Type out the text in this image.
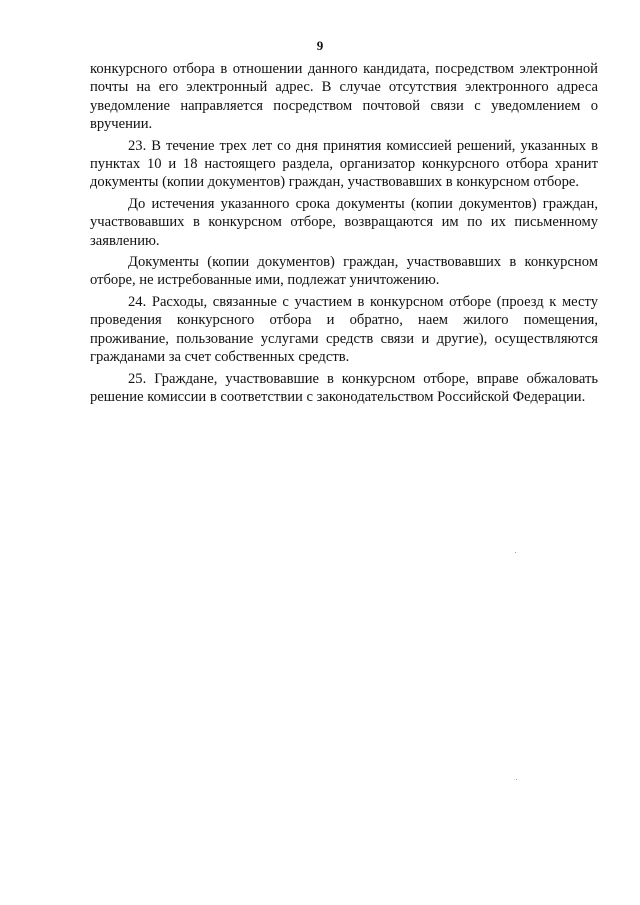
9

конкурсного отбора в отношении данного кандидата, посредством электронной почты на его электронный адрес. В случае отсутствия электронного адреса уведомление направляется посредством почтовой связи с уведомлением о вручении.

23. В течение трех лет со дня принятия комиссией решений, указанных в пунктах 10 и 18 настоящего раздела, организатор конкурсного отбора хранит документы (копии документов) граждан, участвовавших в конкурсном отборе.

До истечения указанного срока документы (копии документов) граждан, участвовавших в конкурсном отборе, возвращаются им по их письменному заявлению.

Документы (копии документов) граждан, участвовавших в конкурсном отборе, не истребованные ими, подлежат уничтожению.

24. Расходы, связанные с участием в конкурсном отборе (проезд к месту проведения конкурсного отбора и обратно, наем жилого помещения, проживание, пользование услугами средств связи и другие), осуществляются гражданами за счет собственных средств.

25. Граждане, участвовавшие в конкурсном отборе, вправе обжаловать решение комиссии в соответствии с законодательством Российской Федерации.
